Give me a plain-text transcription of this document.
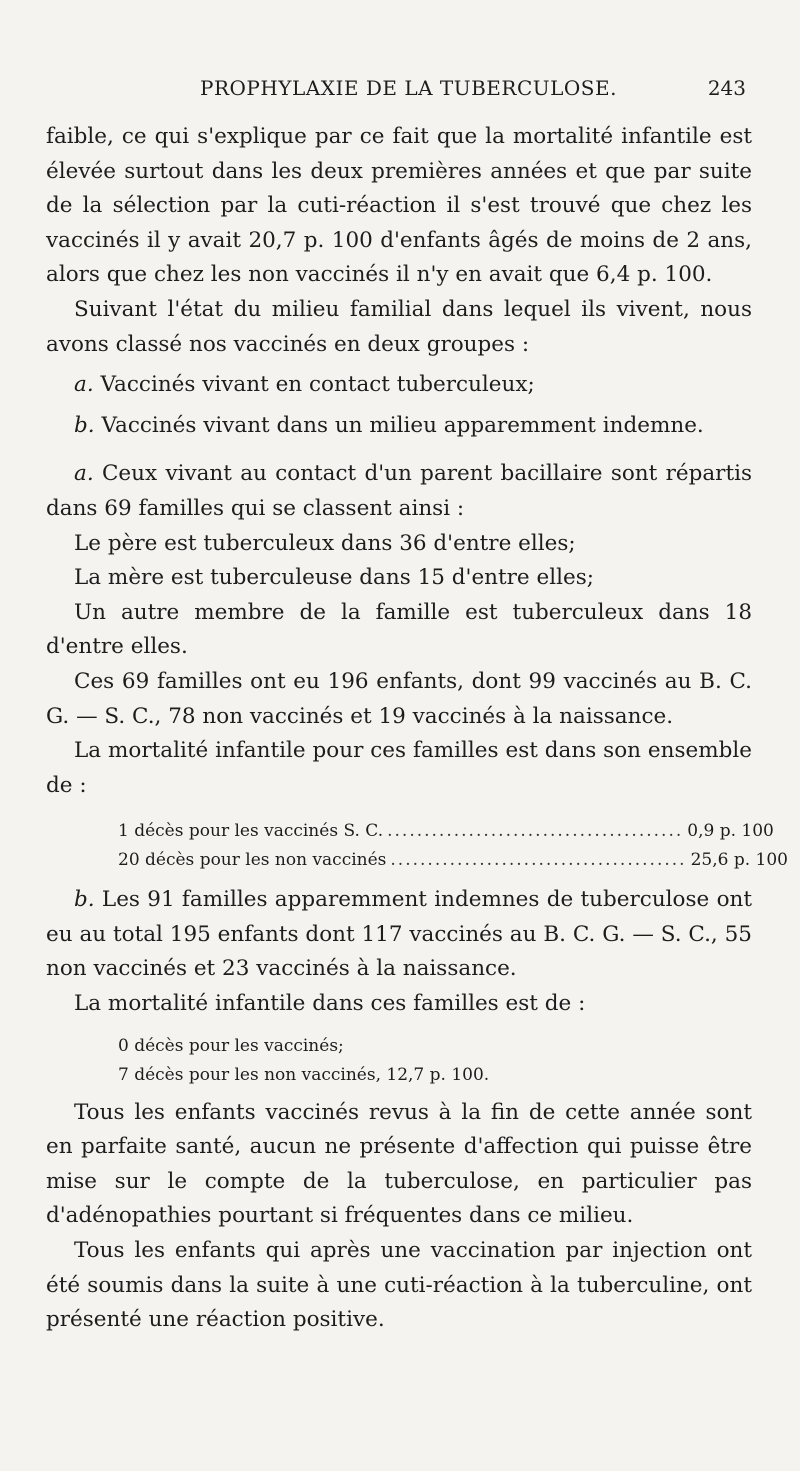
PROPHYLAXIE DE LA TUBERCULOSE.	243

faible, ce qui s'explique par ce fait que la mortalité infantile est élevée surtout dans les deux premières années et que par suite de la sélection par la cuti-réaction il s'est trouvé que chez les vaccinés il y avait 20,7 p. 100 d'enfants âgés de moins de 2 ans, alors que chez les non vaccinés il n'y en avait que 6,4 p. 100.

Suivant l'état du milieu familial dans lequel ils vivent, nous avons classé nos vaccinés en deux groupes :

a. Vaccinés vivant en contact tuberculeux;

b. Vaccinés vivant dans un milieu apparemment indemne.

a. Ceux vivant au contact d'un parent bacillaire sont répartis dans 69 familles qui se classent ainsi :

Le père est tuberculeux dans 36 d'entre elles;

La mère est tuberculeuse dans 15 d'entre elles;

Un autre membre de la famille est tuberculeux dans 18 d'entre elles.

Ces 69 familles ont eu 196 enfants, dont 99 vaccinés au B. C. G. — S. C., 78 non vaccinés et 19 vaccinés à la naissance.

La mortalité infantile pour ces familles est dans son ensemble de :

1 décès pour les vaccinés S. C. ........................................ 0,9 p. 100
20 décès pour les non vaccinés ........................................ 25,6 p. 100

b. Les 91 familles apparemment indemnes de tuberculose ont eu au total 195 enfants dont 117 vaccinés au B. C. G. — S. C., 55 non vaccinés et 23 vaccinés à la naissance.

La mortalité infantile dans ces familles est de :

0 décès pour les vaccinés;
7 décès pour les non vaccinés, 12,7 p. 100.

Tous les enfants vaccinés revus à la fin de cette année sont en parfaite santé, aucun ne présente d'affection qui puisse être mise sur le compte de la tuberculose, en particulier pas d'adénopathies pourtant si fréquentes dans ce milieu.

Tous les enfants qui après une vaccination par injection ont été soumis dans la suite à une cuti-réaction à la tuberculine, ont présenté une réaction positive.
